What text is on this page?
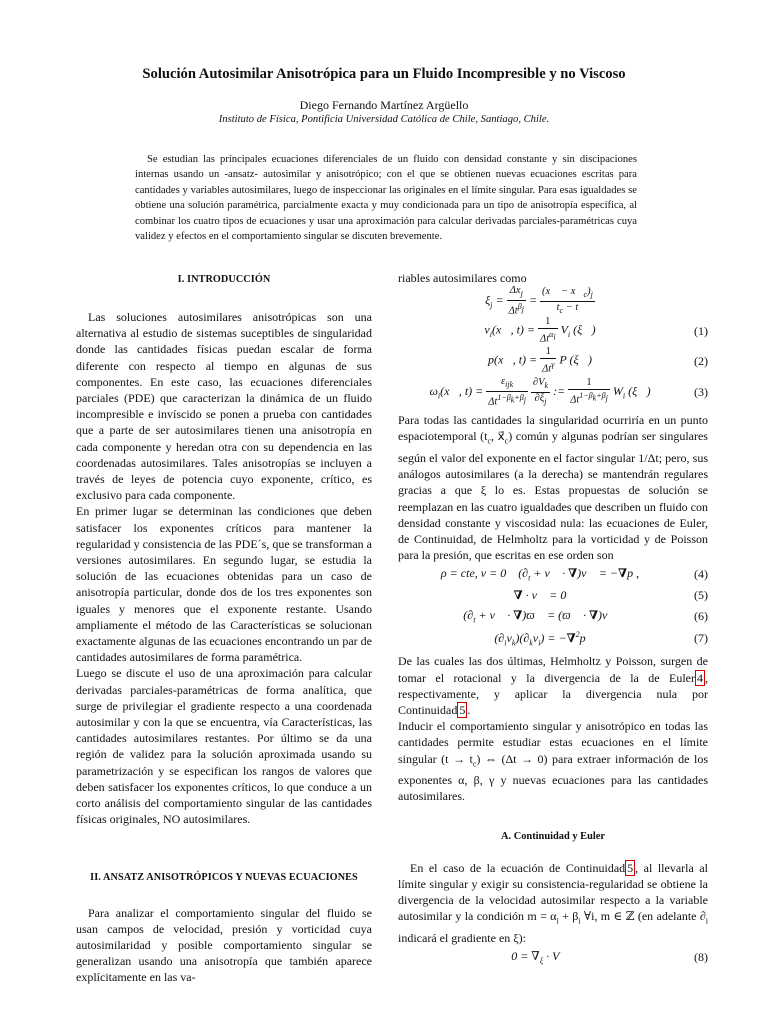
Solución Autosimilar Anisotrópica para un Fluido Incompresible y no Viscoso
Diego Fernando Martínez Argüello
Instituto de Física, Pontificia Universidad Católica de Chile, Santiago, Chile.
Se estudian las principales ecuaciones diferenciales de un fluido con densidad constante y sin discipaciones internas usando un -ansatz- autosimilar y anisotrópico; con el que se obtienen nuevas ecuaciones escritas para cantidades y variables autosimilares, luego de inspeccionar las originales en el límite singular. Para esas igualdades se obtiene una solución paramétrica, parcialmente exacta y muy condicionada para un tipo de anisotropía específica, al combinar los cuatro tipos de ecuaciones y usar una aproximación para calcular derivadas parciales-paramétricas cuya validez y efectos en el comportamiento singular se discuten brevemente.
I. INTRODUCCIÓN

Las soluciones autosimilares anisotrópicas son una alternativa al estudio de sistemas suceptibles de singularidad donde las cantidades físicas puedan escalar de forma diferente con respecto al tiempo en algunas de sus componentes. En este caso, las ecuaciones diferenciales parciales (PDE) que caracterizan la dinámica de un fluido incompresible e invíscido se ponen a prueba con cantidades que a parte de ser autosimilares tienen una anisotropía en cada componente y heredan otra con su dependencia en las coordenadas autosimilares. Tales anisotropías se incluyen a través de leyes de potencia cuyo exponente, crítico, es exclusivo para cada componente.

En primer lugar se determinan las condiciones que deben satisfacer los exponentes críticos para mantener la regularidad y consistencia de las PDE´s, que se transforman a versiones autosimilares. En segundo lugar, se estudia la solución de las ecuaciones obtenidas para un caso de anisotropía particular, donde dos de los tres exponentes son iguales y menores que el exponente restante. Usando ampliamente el método de las Características se solucionan exactamente algunas de las ecuaciones encontrando un par de cantidades autosimilares de forma paramétrica.

Luego se discute el uso de una aproximación para calcular derivadas parciales-paramétricas de forma analítica, que surge de privilegiar el gradiente respecto a una coordenada autosimilar y con la que se encuentra, vía Características, las cantidades autosimilares restantes. Por último se da una región de validez para la solución aproximada usando su parametrización y se especifican los rangos de valores que deben satisfacer los exponentes críticos, lo que conduce a un corto análisis del comportamiento singular de las cantidades físicas originales, NO autosimilares.

II. ANSATZ ANISOTRÓPICOS Y NUEVAS ECUACIONES

Para analizar el comportamiento singular del fluido se usan campos de velocidad, presión y vorticidad cuya autosimilaridad y posible comportamiento singular se generalizan usando una anisotropía que también aparece explícitamente en las va-

riables autosimilares como

$\xi_j = \frac{\Delta x_j}{\Delta t^{\beta_j}} = \frac{(x⃗ - x⃗_c)_j}{t_c - t}$
$v_i(x⃗$, $t) = \frac{1}{\Delta t^{\alpha_i}} V_i$ (ξ⃗)	(1)
p(x⃗, $t) = \frac{1}{\Delta t^\gamma}$ P (ξ⃗)	(2)
$\omega_i(x⃗$, $t) = \frac{\varepsilon_{ijk}}{\Delta t^{1-\beta_k+\beta_j}}$
$\frac{\partial V_k}{\partial\xi_j}$ := $\frac{1}{\Delta t^{1-\beta_k+\beta_j}} W_i$ (ξ⃗)	(3)

Para todas las cantidades la singularidad ocurriría en un punto espaciotemporal ($t_c$, $x⃗_c$) común y algunas podrían ser singulares según el valor del exponente en el factor singular 1/Δt; pero, sus análogos autosimilares (a la derecha) se mantendrán regulares gracias a que ξ lo es. Estas propuestas de solución se reemplazan en las cuatro igualdades que describen un fluido con densidad constante y viscosidad nula: las ecuaciones de Euler, de Continuidad, de Helmholtz para la vorticidad y de Poisson para la presión, que escritas en ese orden son

ρ = cte, ν = 0    ($\partial_t$ + v⃗ · ∇)v⃗ = −∇p ,	(4)
∇ · v⃗ = 0	(5)
($\partial_t$ + v⃗ · ∇)ϖ⃗ = (ϖ⃗ · ∇)v⃗	(6)
$(\partial_iv_k)(\partial_kv_i) = -\nabla^2p$	(7)

De las cuales las dos últimas, Helmholtz y Poisson, surgen de tomar el rotacional y la divergencia de la de Euler 4 , respectivamente, y aplicar la divergencia nula por Continuidad 5 .

Inducir el comportamiento singular y anisotrópico en todas las cantidades permite estudiar estas ecuaciones en el límite singular $(t \to t_c)$ ⇔ (Δt → 0) para extraer información de los exponentes α, β, γ y nuevas ecuaciones para las cantidades autosimilares.

A. Continuidad y Euler

En el caso de la ecuación de Continuidad 5 , al llevarla al límite singular y exigir su consistencia-regularidad se obtiene la divergencia de la velocidad autosimilar respecto a la variable autosimilar y la condición $m = \alpha_i + \beta_i$ ∀i, m ∈ ℤ (en adelante $\partial_i$ indicará el gradiente en ξ):

$0 = \nabla_\xi$ · V⃗	(8)
